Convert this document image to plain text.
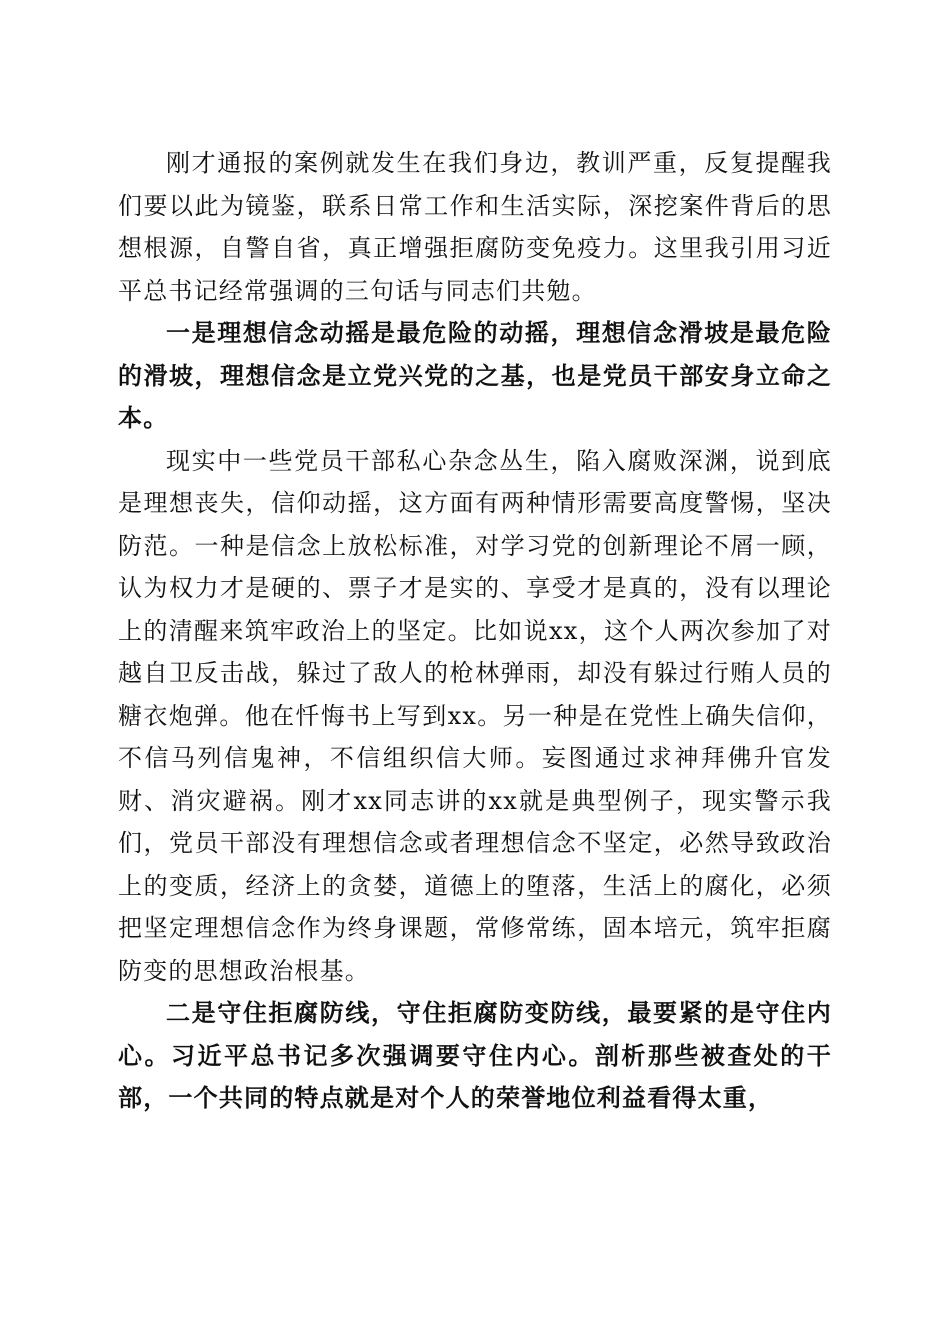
刚才通报的案例就发生在我们身边，教训严重，反复提醒我们要以此为镜鉴，联系日常工作和生活实际，深挖案件背后的思想根源，自警自省，真正增强拒腐防变免疫力。这里我引用习近平总书记经常强调的三句话与同志们共勉。

一是理想信念动摇是最危险的动摇，理想信念滑坡是最危险的滑坡，理想信念是立党兴党的之基，也是党员干部安身立命之本。

现实中一些党员干部私心杂念丛生，陷入腐败深渊，说到底是理想丧失，信仰动摇，这方面有两种情形需要高度警惕，坚决防范。一种是信念上放松标准，对学习党的创新理论不屑一顾，认为权力才是硬的、票子才是实的、享受才是真的，没有以理论上的清醒来筑牢政治上的坚定。比如说xx，这个人两次参加了对越自卫反击战，躲过了敌人的枪林弹雨，却没有躲过行贿人员的糖衣炮弹。他在忏悔书上写到xx。另一种是在党性上确失信仰，不信马列信鬼神，不信组织信大师。妄图通过求神拜佛升官发财、消灾避祸。刚才xx同志讲的xx就是典型例子，现实警示我们，党员干部没有理想信念或者理想信念不坚定，必然导致政治上的变质，经济上的贪婪，道德上的堕落，生活上的腐化，必须把坚定理想信念作为终身课题，常修常练，固本培元，筑牢拒腐防变的思想政治根基。

二是守住拒腐防线，守住拒腐防变防线，最要紧的是守住内心。习近平总书记多次强调要守住内心。剖析那些被查处的干部，一个共同的特点就是对个人的荣誉地位利益看得太重，
